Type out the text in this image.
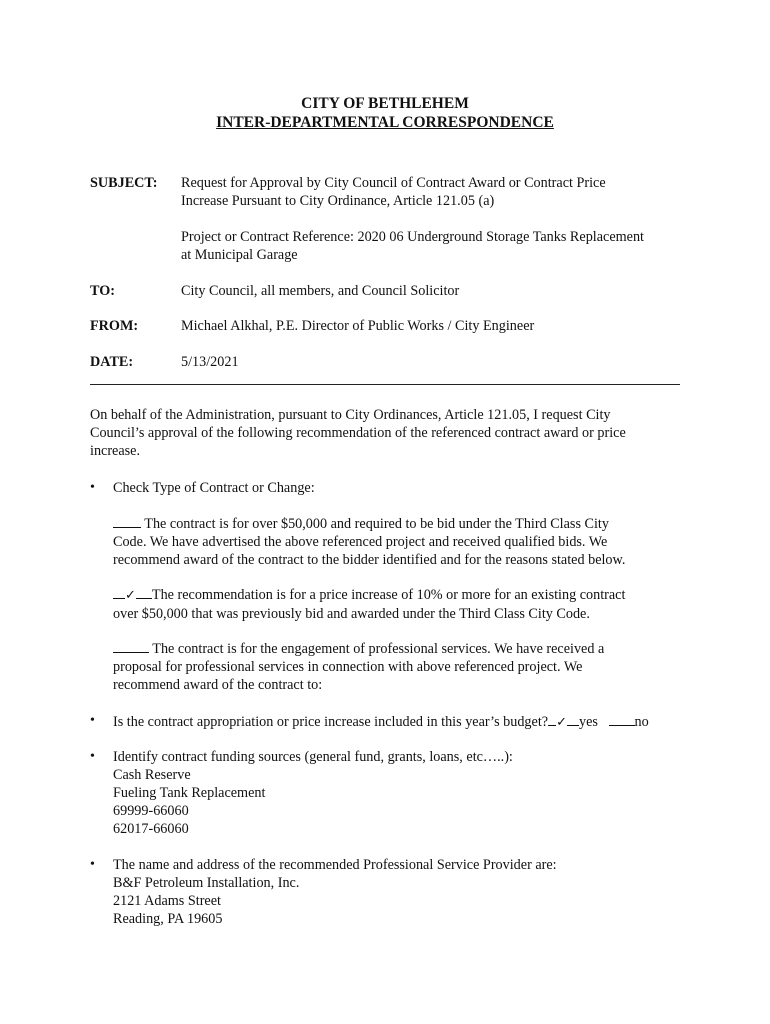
CITY OF BETHLEHEM
INTER-DEPARTMENTAL CORRESPONDENCE
SUBJECT: Request for Approval by City Council of Contract Award or Contract Price
Increase Pursuant to City Ordinance, Article 121.05 (a)
Project or Contract Reference: 2020 06 Underground Storage Tanks Replacement
at Municipal Garage
TO:	City Council, all members, and Council Solicitor
FROM:	Michael Alkhal, P.E. Director of Public Works / City Engineer
DATE:	5/13/2021
On behalf of the Administration, pursuant to City Ordinances, Article 121.05, I request City
Council’s approval of the following recommendation of the referenced contract award or price
increase.
• Check Type of Contract or Change:
The contract is for over $50,000 and required to be bid under the Third Class City
Code. We have advertised the above referenced project and received qualified bids. We
recommend award of the contract to the bidder identified and for the reasons stated below.
✓ The recommendation is for a price increase of 10% or more for an existing contract
over $50,000 that was previously bid and awarded under the Third Class City Code.
The contract is for the engagement of professional services. We have received a
proposal for professional services in connection with above referenced project. We
recommend award of the contract to:
• Is the contract appropriation or price increase included in this year’s budget? ✓ yes	no
• Identify contract funding sources (general fund, grants, loans, etc…..):
Cash Reserve
Fueling Tank Replacement
69999-66060
62017-66060
• The name and address of the recommended Professional Service Provider are:
B&F Petroleum Installation, Inc.
2121 Adams Street
Reading, PA 19605
